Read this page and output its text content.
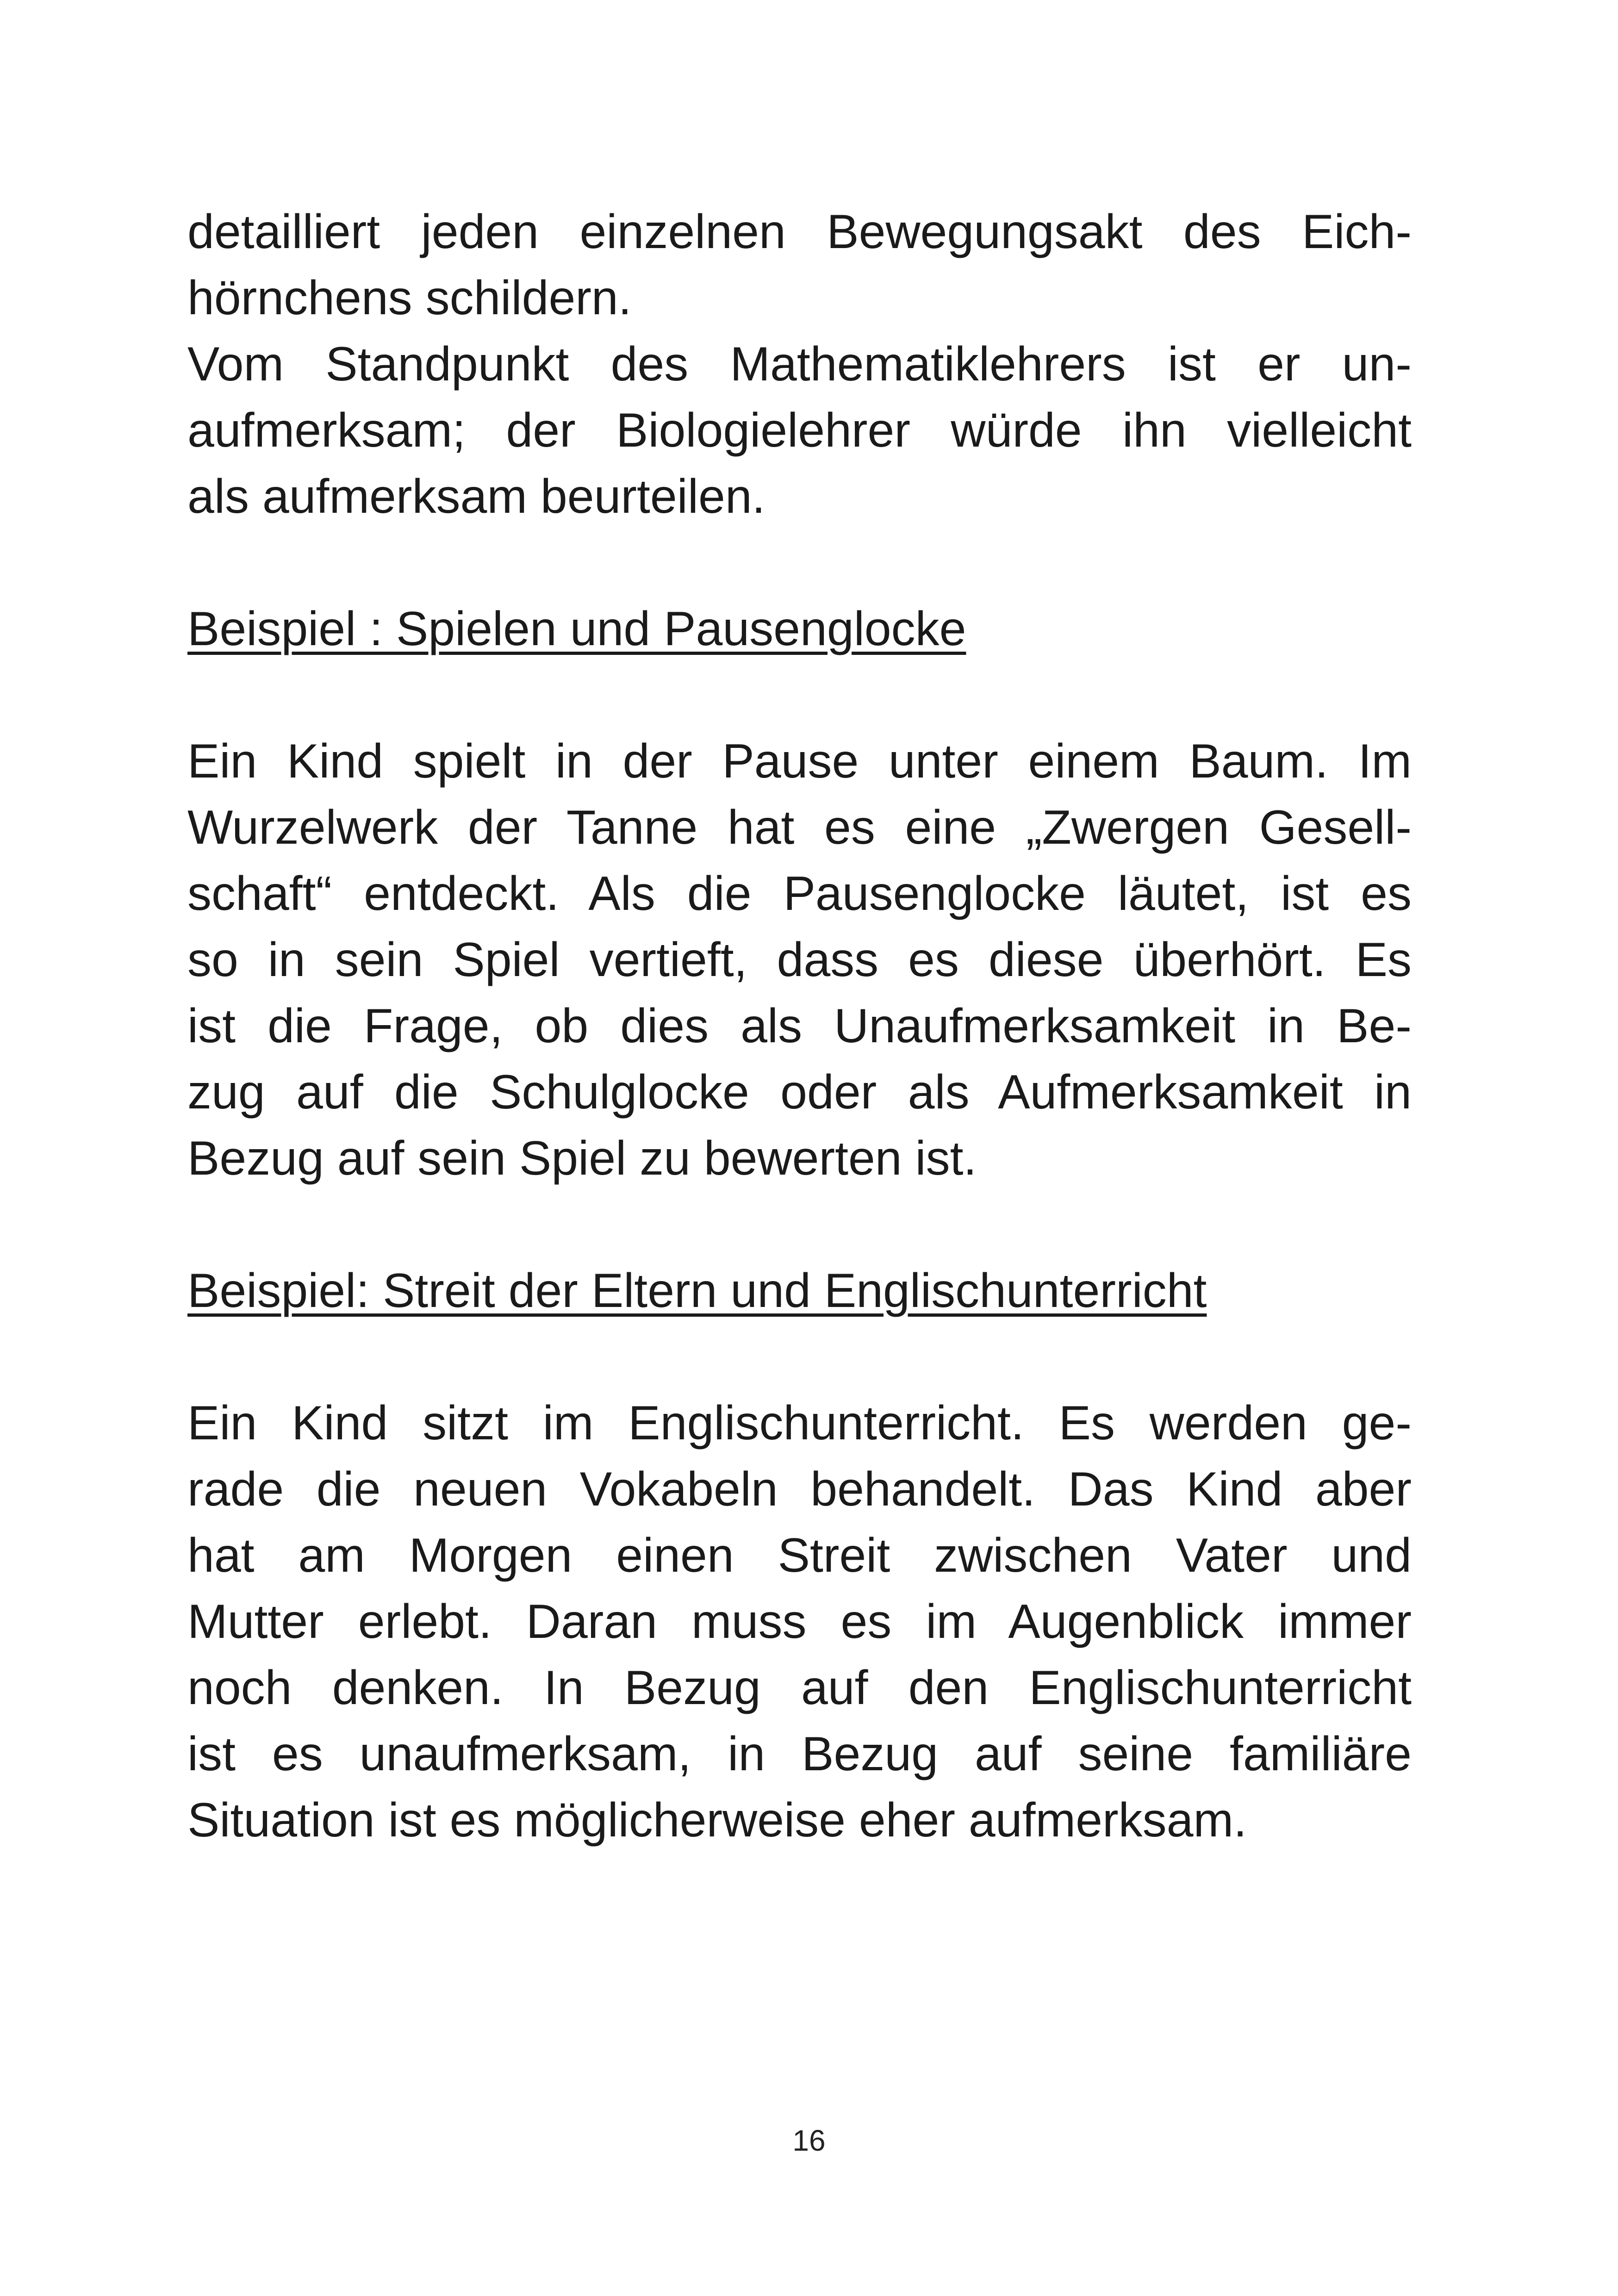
detailliert jeden einzelnen Bewegungsakt des Eich-
hörnchens schildern.
Vom Standpunkt des Mathematiklehrers ist er un-
aufmerksam; der Biologielehrer würde ihn vielleicht
als aufmerksam beurteilen.
Beispiel : Spielen und Pausenglocke
Ein Kind spielt in der Pause unter einem Baum. Im
Wurzelwerk der Tanne hat es eine „Zwergen Gesell-
schaft“ entdeckt. Als die Pausenglocke läutet, ist es
so in sein Spiel vertieft, dass es diese überhört. Es
ist die Frage, ob dies als Unaufmerksamkeit in Be-
zug auf die Schulglocke oder als Aufmerksamkeit in
Bezug auf sein Spiel zu bewerten ist.
Beispiel: Streit der Eltern und Englischunterricht
Ein Kind sitzt im Englischunterricht. Es werden ge-
rade die neuen Vokabeln behandelt. Das Kind aber
hat am Morgen einen Streit zwischen Vater und
Mutter erlebt. Daran muss es im Augenblick immer
noch denken. In Bezug auf den Englischunterricht
ist es unaufmerksam, in Bezug auf seine familiäre
Situation ist es möglicherweise eher aufmerksam.
16
